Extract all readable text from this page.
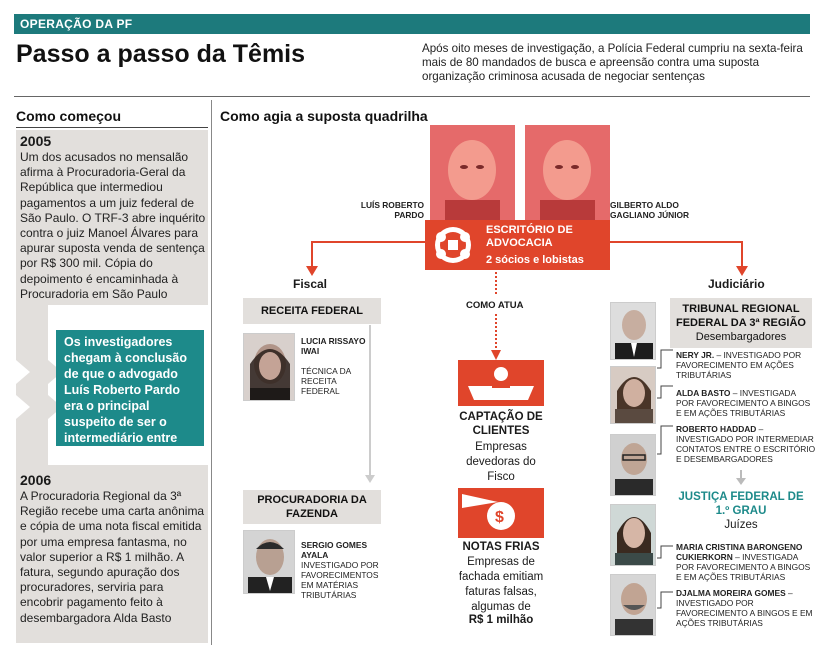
OPERAÇÃO DA PF
Passo a passo da Têmis	Após oito meses de investigação, a Polícia Federal cumpriu na sexta-feira mais de 80 mandados de busca e apreensão contra uma suposta organização criminosa acusada de negociar sentenças
Como começou
2005
Um dos acusados no mensalão afirma à Procuradoria-Geral da República que intermediou pagamentos a um juiz federal de São Paulo. O TRF-3 abre inquérito contra o juiz Manoel Álvares para apurar suposta venda de sentença por R$ 300 mil. Cópia do depoimento é encaminhada à Procuradoria em São Paulo
Os investigadores chegam à conclusão de que o advogado Luís Roberto Pardo era o principal suspeito de ser o intermediário entre empresas e juízes
2006
A Procuradoria Regional da 3ª Região recebe uma carta anônima e cópia de uma nota fiscal emitida por uma empresa fantasma, no valor superior a R$ 1 milhão. A fatura, segundo apuração dos procuradores, serviria para encobrir pagamento feito à desembargadora Alda Basto
Como agia a suposta quadrilha
LUÍS ROBERTO PARDO
GILBERTO ALDO GAGLIANO JÚNIOR
ESCRITÓRIO DE ADVOCACIA
2 sócios e lobistas
Fiscal	Judiciário
COMO ATUA
RECEITA FEDERAL
LUCIA RISSAYO IWAI
TÉCNICA DA RECEITA FEDERAL
PROCURADORIA DA FAZENDA
SERGIO GOMES AYALA
INVESTIGADO POR FAVORECIMENTOS EM MATÉRIAS TRIBUTÁRIAS
CAPTAÇÃO DE CLIENTES
Empresas devedoras do Fisco
$
NOTAS FRIAS
Empresas de fachada emitiam faturas falsas, algumas de
R$ 1 milhão
TRIBUNAL REGIONAL FEDERAL DA 3ª REGIÃO
Desembargadores
NERY JR. – INVESTIGADO POR FAVORECIMENTO EM AÇÕES TRIBUTÁRIAS
ALDA BASTO – INVESTIGADA POR FAVORECIMENTO A BINGOS E EM AÇÕES TRIBUTÁRIAS
ROBERTO HADDAD – INVESTIGADO POR INTERMEDIAR CONTATOS ENTRE O ESCRITÓRIO E DESEMBARGADORES
JUSTIÇA FEDERAL DE 1.º GRAU
Juízes
MARIA CRISTINA BARONGENO CUKIERKORN – INVESTIGADA POR FAVORECIMENTO A BINGOS E EM AÇÕES TRIBUTÁRIAS
DJALMA MOREIRA GOMES – INVESTIGADO POR FAVORECIMENTO A BINGOS E EM AÇÕES TRIBUTÁRIAS
